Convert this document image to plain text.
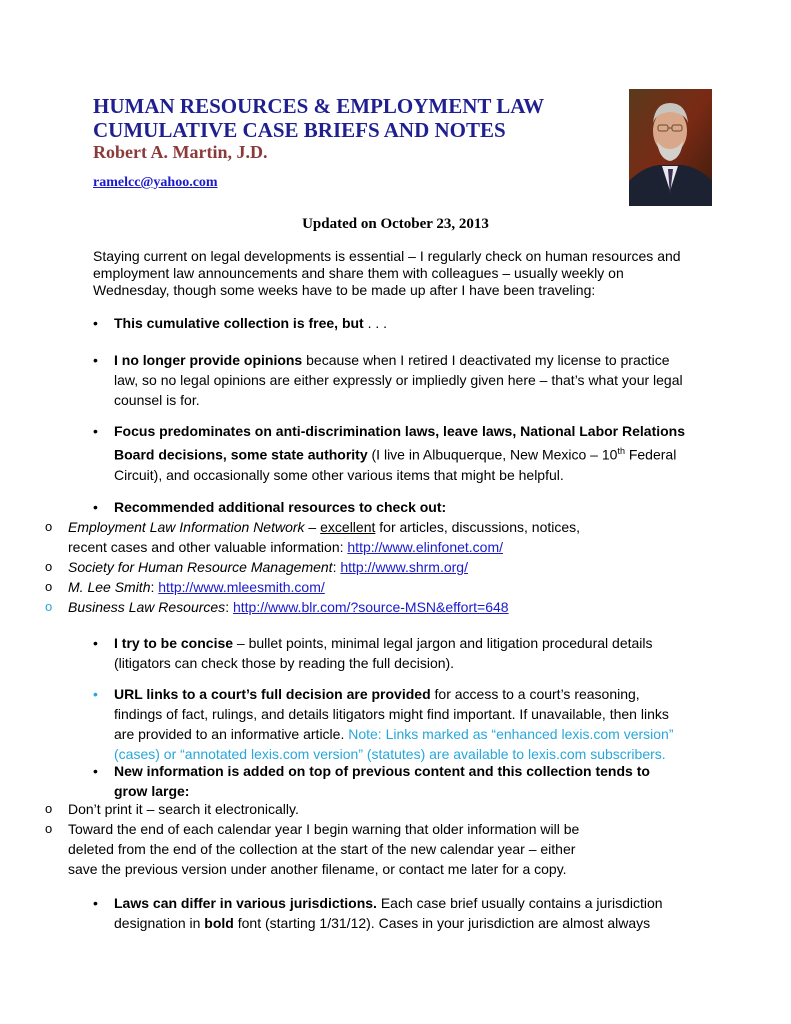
HUMAN RESOURCES & EMPLOYMENT LAW
CUMULATIVE CASE BRIEFS AND NOTES
Robert A. Martin, J.D.
ramelcc@yahoo.com
Updated on October 23, 2013
Staying current on legal developments is essential – I regularly check on human resources and
employment law announcements and share them with colleagues – usually weekly on
Wednesday, though some weeks have to be made up after I have been traveling:
•	This cumulative collection is free, but . . .
•	I no longer provide opinions because when I retired I deactivated my license to practice
law, so no legal opinions are either expressly or impliedly given here – that’s what your legal
counsel is for.
•	Focus predominates on anti-discrimination laws, leave laws, National Labor Relations
Board decisions, some state authority (I live in Albuquerque, New Mexico – 10th Federal
Circuit), and occasionally some other various items that might be helpful.
•	Recommended additional resources to check out:
o Employment Law Information Network – excellent for articles, discussions, notices,
recent cases and other valuable information: http://www.elinfonet.com/
o Society for Human Resource Management: http://www.shrm.org/
o M. Lee Smith: http://www.mleesmith.com/
o Business Law Resources: http://www.blr.com/?source-MSN&effort=648
•	I try to be concise – bullet points, minimal legal jargon and litigation procedural details
(litigators can check those by reading the full decision).
•	URL links to a court’s full decision are provided for access to a court’s reasoning,
findings of fact, rulings, and details litigators might find important. If unavailable, then links
are provided to an informative article. Note: Links marked as “enhanced lexis.com version”
(cases) or “annotated lexis.com version” (statutes) are available to lexis.com subscribers.
•	New information is added on top of previous content and this collection tends to
grow large:
o Don’t print it – search it electronically.
o Toward the end of each calendar year I begin warning that older information will be
deleted from the end of the collection at the start of the new calendar year – either
save the previous version under another filename, or contact me later for a copy.
•	Laws can differ in various jurisdictions. Each case brief usually contains a jurisdiction
designation in bold font (starting 1/31/12). Cases in your jurisdiction are almost always
